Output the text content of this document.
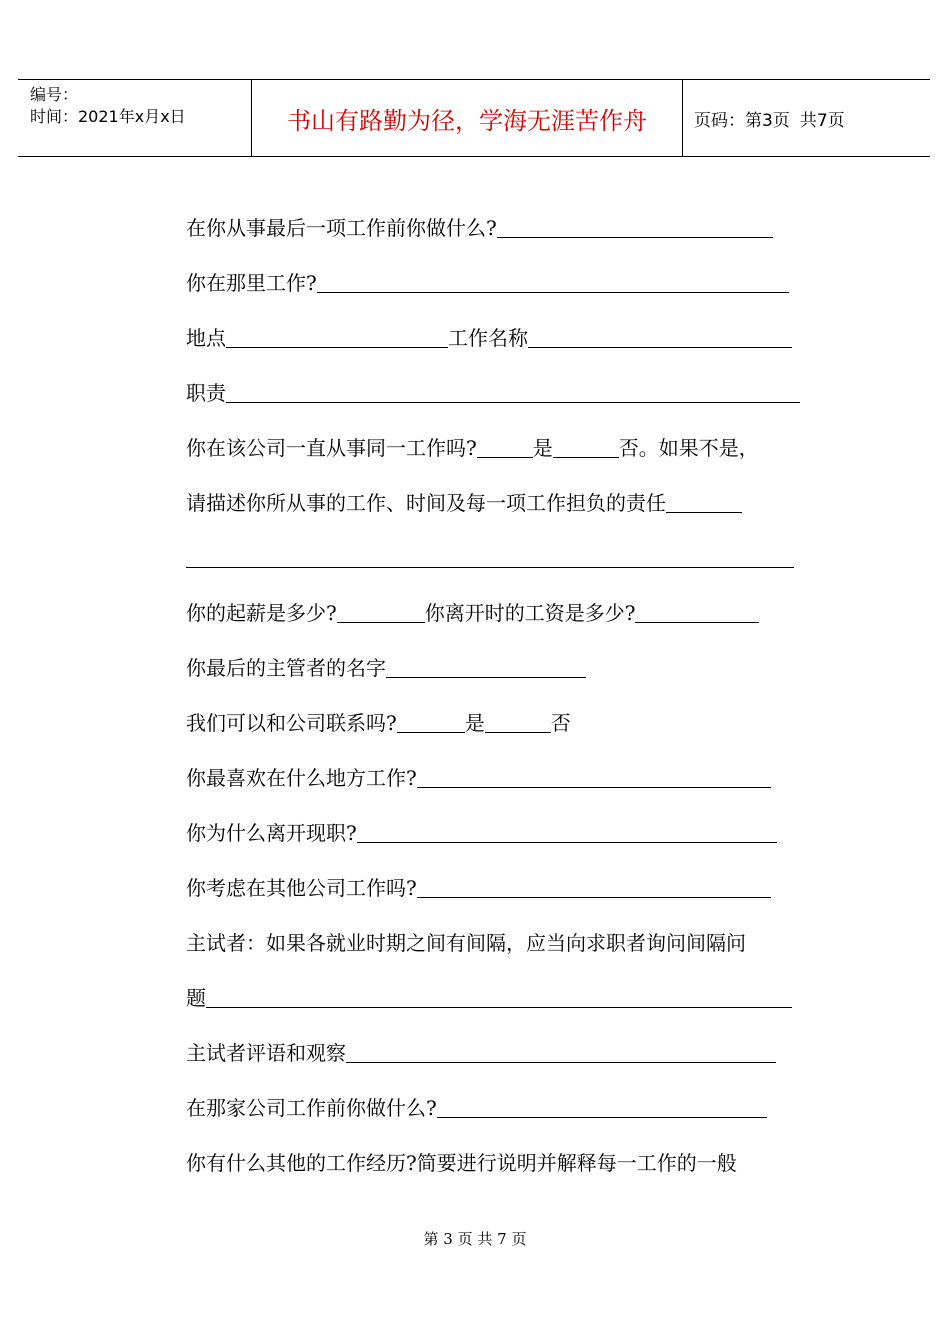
编号：
时间：2021年x月x日	书山有路勤为径，学海无涯苦作舟	页码：第3页 共7页
在你从事最后一项工作前你做什么?
你在那里工作?
地点	工作名称
职责
你在该公司一直从事同一工作吗?	是	否。如果不是，
请描述你所从事的工作、时间及每一项工作担负的责任
你的起薪是多少?	你离开时的工资是多少?
你最后的主管者的名字
我们可以和公司联系吗?	是	否
你最喜欢在什么地方工作?
你为什么离开现职?
你考虑在其他公司工作吗?
主试者：如果各就业时期之间有间隔，应当向求职者询问间隔问
题
主试者评语和观察
在那家公司工作前你做什么?
你有什么其他的工作经历?简要进行说明并解释每一工作的一般
第 3 页 共 7 页
